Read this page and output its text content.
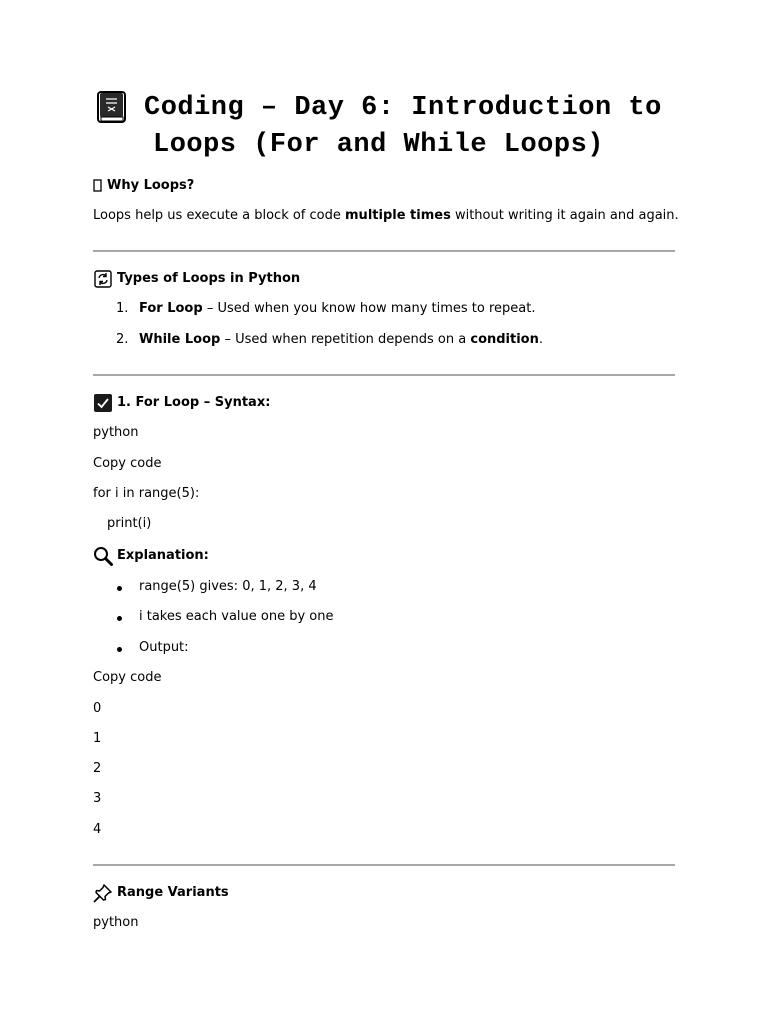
Coding – Day 6: Introduction to
Loops (For and While Loops)
Why Loops?
Loops help us execute a block of code multiple times without writing it again and again.
Types of Loops in Python
1. For Loop – Used when you know how many times to repeat.
2. While Loop – Used when repetition depends on a condition.
1. For Loop – Syntax:
python
Copy code
for i in range(5):
print(i)
Explanation:
range(5) gives: 0, 1, 2, 3, 4
i takes each value one by one
Output:
Copy code
0
1
2
3
4
Range Variants
python
